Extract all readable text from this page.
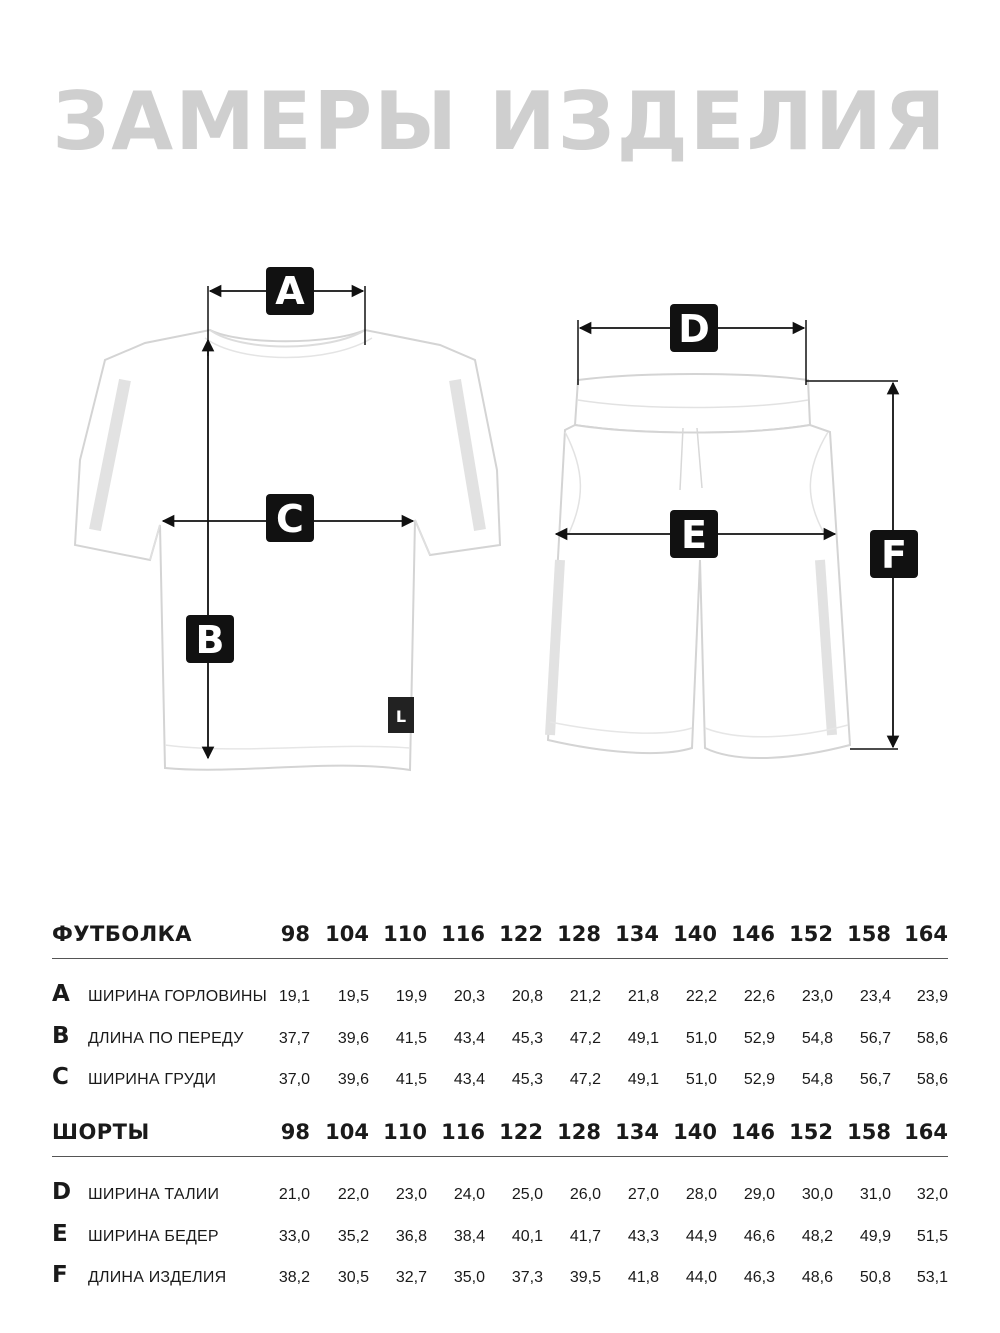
ЗАМЕРЫ ИЗДЕЛИЯ
L
A
C
B
D
E	F
ФУТБОЛКА	98 104 110 116 122 128 134 140 146 152 158 164
A ШИРИНА ГОРЛОВИНЫ 19,1	19,5	19,9	20,3	20,8	21,2	21,8	22,2	22,6	23,0	23,4	23,9
B ДЛИНА ПО ПЕРЕДУ	37,7	39,6	41,5	43,4	45,3	47,2	49,1	51,0	52,9	54,8	56,7	58,6
C ШИРИНА ГРУДИ	37,0	39,6	41,5	43,4	45,3	47,2	49,1	51,0	52,9	54,8	56,7	58,6
ШОРТЫ	98 104 110 116 122 128 134 140 146 152 158 164
D ШИРИНА ТАЛИИ	21,0	22,0	23,0	24,0	25,0	26,0	27,0	28,0	29,0	30,0	31,0	32,0
E ШИРИНА БЕДЕР	33,0	35,2	36,8	38,4	40,1	41,7	43,3	44,9	46,6	48,2	49,9	51,5
F ДЛИНА ИЗДЕЛИЯ	38,2	30,5	32,7	35,0	37,3	39,5	41,8	44,0	46,3	48,6	50,8	53,1
